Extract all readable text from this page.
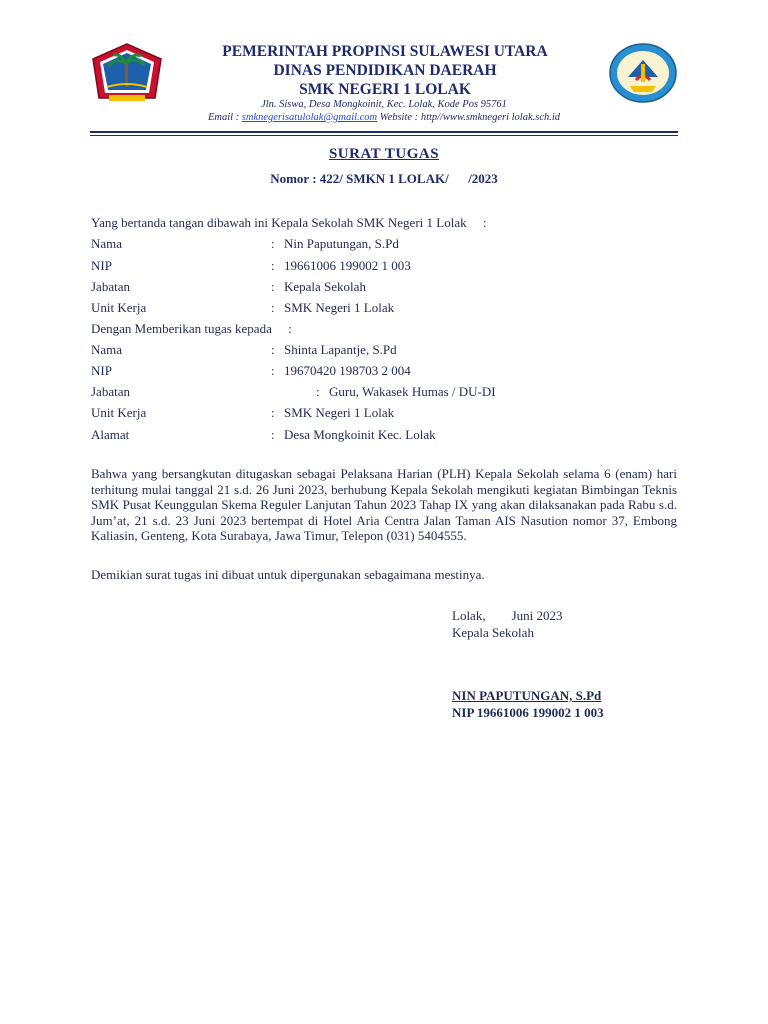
PEMERINTAH PROPINSI SULAWESI UTARA
DINAS PENDIDIKAN DAERAH
SMK NEGERI 1 LOLAK
Jln. Siswa, Desa Mongkoinit, Kec. Lolak, Kode Pos 95761
Email : smknegerisatulolak@gmail.com Website : http//www.smknegeri lolak.sch.id
SURAT TUGAS
Nomor : 422/ SMKN 1 LOLAK/      /2023
Yang bertanda tangan dibawah ini Kepala Sekolah SMK Negeri 1 Lolak     :
Nama	: Nin Paputungan, S.Pd
NIP	: 19661006 199002 1 003
Jabatan	: Kepala Sekolah
Unit Kerja	: SMK Negeri 1 Lolak
Dengan Memberikan tugas kepada     :
Nama	: Shinta Lapantje, S.Pd
NIP	: 19670420 198703 2 004
Jabatan	: Guru, Wakasek Humas / DU-DI
Unit Kerja	: SMK Negeri 1 Lolak
Alamat	: Desa Mongkoinit Kec. Lolak
Bahwa yang bersangkutan ditugaskan sebagai Pelaksana Harian (PLH) Kepala Sekolah selama 6 (enam) hari terhitung mulai tanggal 21 s.d. 26 Juni 2023, berhubung Kepala Sekolah mengikuti kegiatan Bimbingan Teknis SMK Pusat Keunggulan Skema Reguler Lanjutan Tahun 2023 Tahap IX yang akan dilaksanakan pada Rabu s.d. Jum’at, 21 s.d. 23 Juni 2023 bertempat di Hotel Aria Centra Jalan Taman AIS Nasution nomor 37, Embong Kaliasin, Genteng, Kota Surabaya, Jawa Timur, Telepon (031) 5404555.
Demikian surat tugas ini dibuat untuk dipergunakan sebagaimana mestinya.
Lolak,        Juni 2023
Kepala Sekolah
NIN PAPUTUNGAN, S.Pd
NIP 19661006 199002 1 003
